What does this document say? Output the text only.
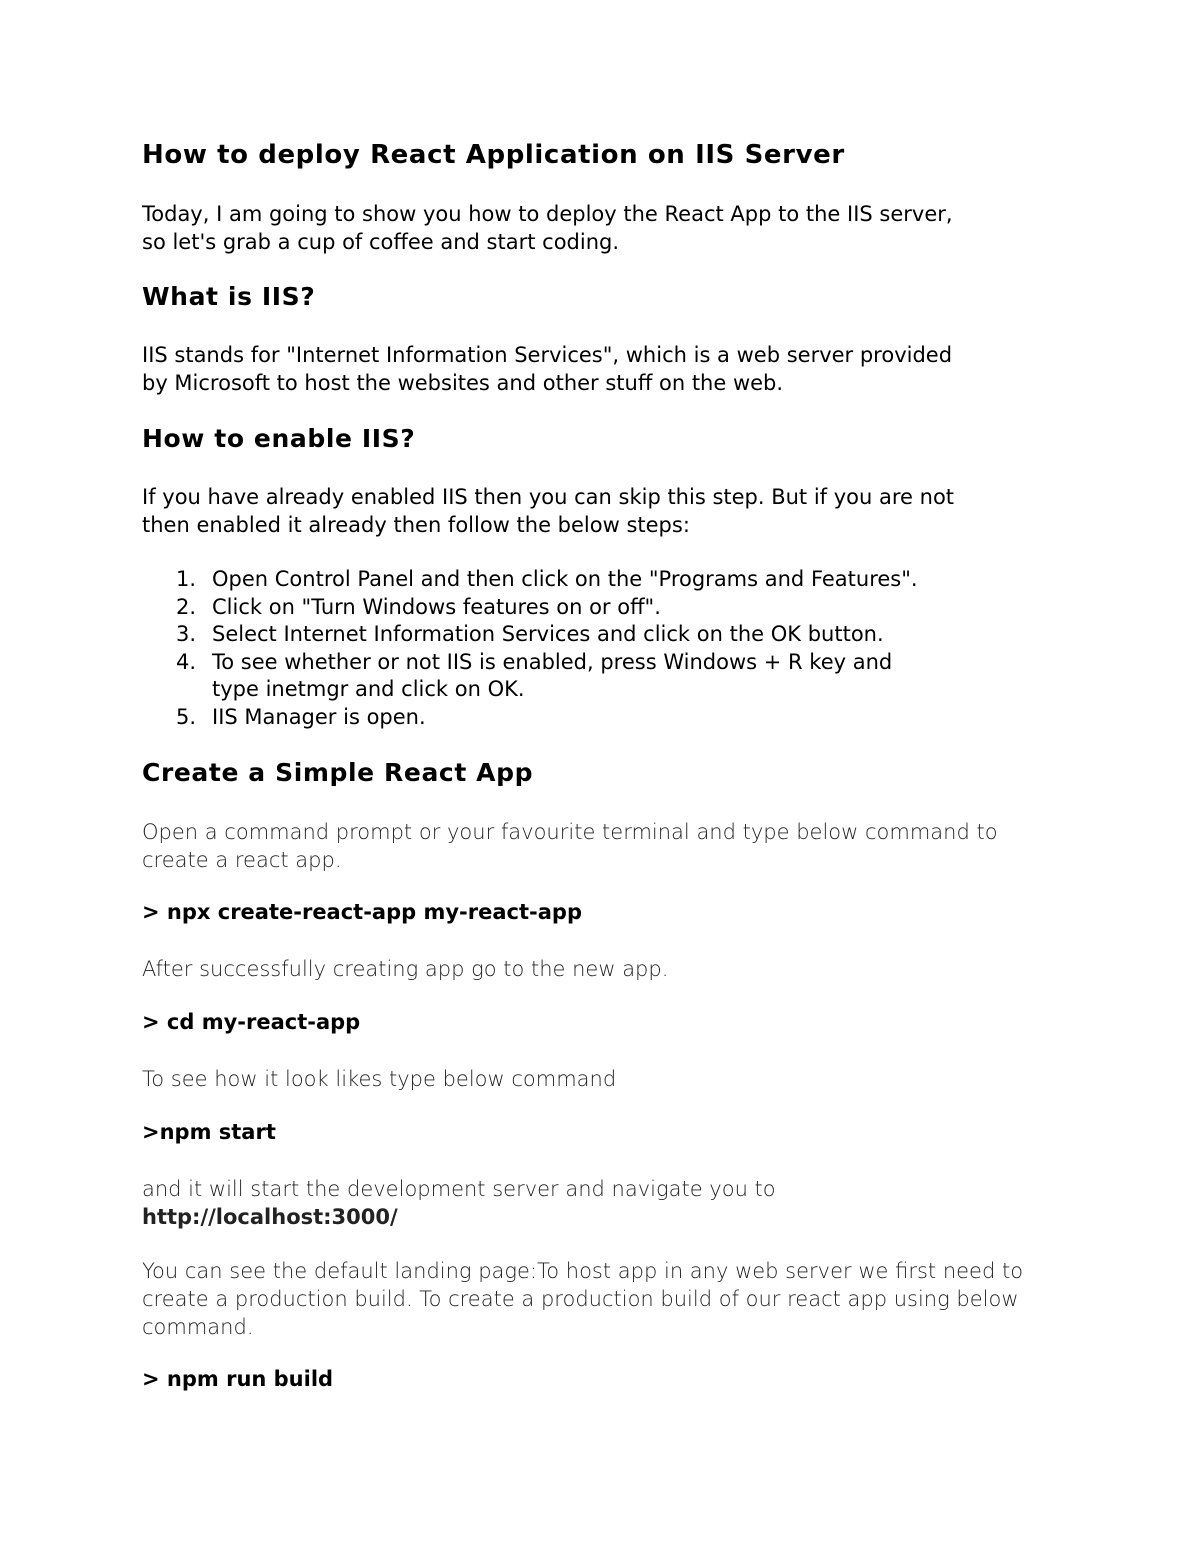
How to deploy React Application on IIS Server

Today, I am going to show you how to deploy the React App to the IIS server,
so let's grab a cup of coffee and start coding.

What is IIS?

IIS stands for "Internet Information Services", which is a web server provided
by Microsoft to host the websites and other stuff on the web.

How to enable IIS?

If you have already enabled IIS then you can skip this step. But if you are not
then enabled it already then follow the below steps:

1. Open Control Panel and then click on the "Programs and Features".
2. Click on "Turn Windows features on or off".
3. Select Internet Information Services and click on the OK button.
4. To see whether or not IIS is enabled, press Windows + R key and
type inetmgr and click on OK.
5. IIS Manager is open.
Create a Simple React App

Open a command prompt or your favourite terminal and type below command to
create a react app.

> npx create-react-app my-react-app

After successfully creating app go to the new app.

> cd my-react-app

To see how it look likes type below command

>npm start

and it will start the development server and navigate you to
http://localhost:3000/

You can see the default landing page:To host app in any web server we first need to
create a production build. To create a production build of our react app using below
command.

> npm run build
